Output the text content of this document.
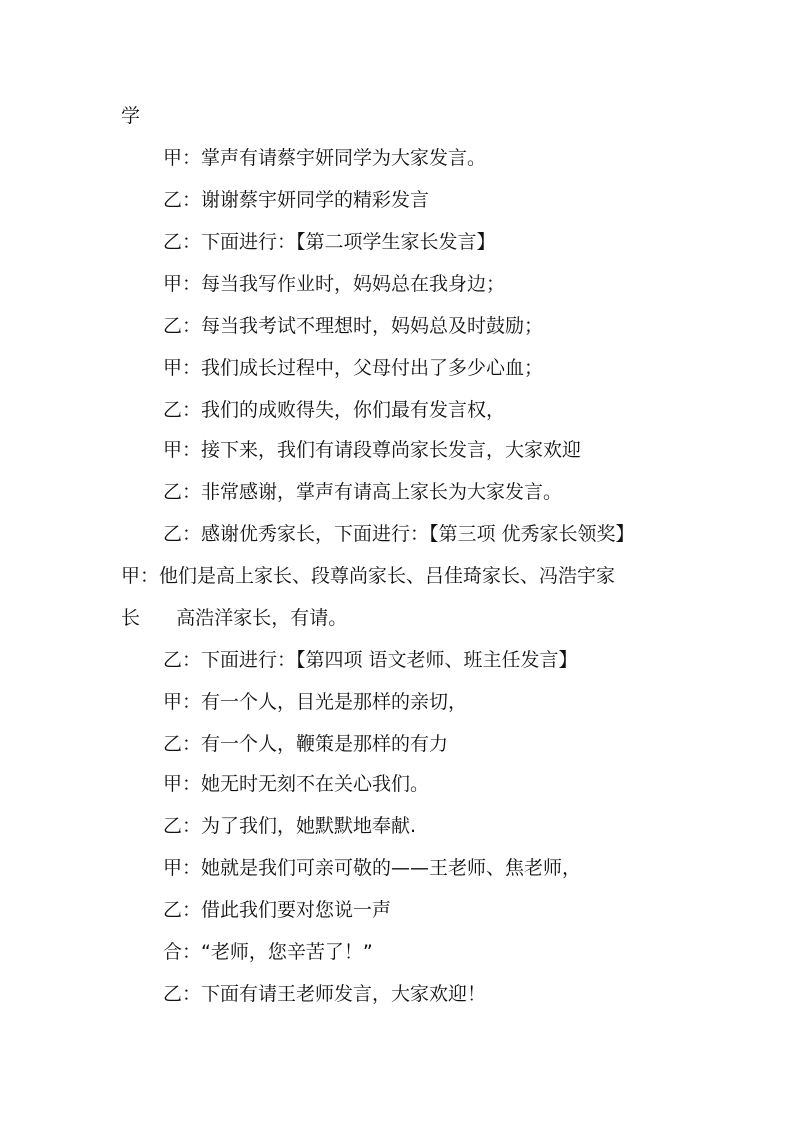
学
甲：掌声有请蔡宇妍同学为大家发言。
乙：谢谢蔡宇妍同学的精彩发言
乙：下面进行：【第二项学生家长发言】
甲：每当我写作业时，妈妈总在我身边；
乙：每当我考试不理想时，妈妈总及时鼓励；
甲：我们成长过程中，父母付出了多少心血；
乙：我们的成败得失，你们最有发言权，
甲：接下来，我们有请段尊尚家长发言，大家欢迎
乙：非常感谢，掌声有请高上家长为大家发言。
乙：感谢优秀家长，下面进行：【第三项 优秀家长领奖】
甲：他们是高上家长、段尊尚家长、吕佳琦家长、冯浩宇家
长      高浩洋家长，有请。
乙：下面进行：【第四项 语文老师、班主任发言】
甲：有一个人，目光是那样的亲切，
乙：有一个人，鞭策是那样的有力
甲：她无时无刻不在关心我们。
乙：为了我们，她默默地奉献.
甲：她就是我们可亲可敬的——王老师、焦老师，
乙：借此我们要对您说一声
合：“老师，您辛苦了！”
乙：下面有请王老师发言，大家欢迎！
